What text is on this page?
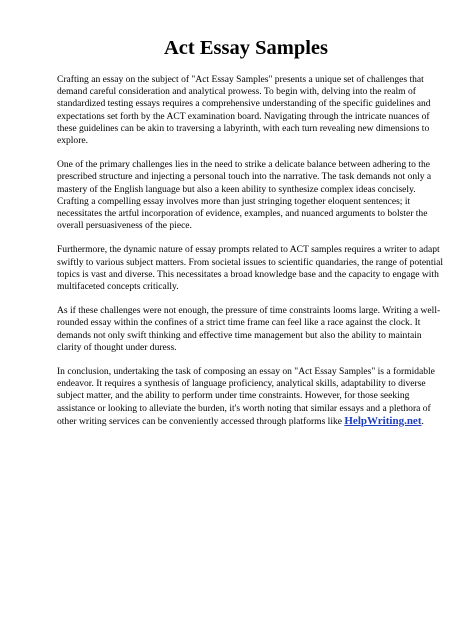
Act Essay Samples

Crafting an essay on the subject of "Act Essay Samples" presents a unique set of challenges that
demand careful consideration and analytical prowess. To begin with, delving into the realm of
standardized testing essays requires a comprehensive understanding of the specific guidelines and
expectations set forth by the ACT examination board. Navigating through the intricate nuances of
these guidelines can be akin to traversing a labyrinth, with each turn revealing new dimensions to
explore.

One of the primary challenges lies in the need to strike a delicate balance between adhering to the
prescribed structure and injecting a personal touch into the narrative. The task demands not only a
mastery of the English language but also a keen ability to synthesize complex ideas concisely.
Crafting a compelling essay involves more than just stringing together eloquent sentences; it
necessitates the artful incorporation of evidence, examples, and nuanced arguments to bolster the
overall persuasiveness of the piece.

Furthermore, the dynamic nature of essay prompts related to ACT samples requires a writer to adapt
swiftly to various subject matters. From societal issues to scientific quandaries, the range of potential
topics is vast and diverse. This necessitates a broad knowledge base and the capacity to engage with
multifaceted concepts critically.

As if these challenges were not enough, the pressure of time constraints looms large. Writing a well-
rounded essay within the confines of a strict time frame can feel like a race against the clock. It
demands not only swift thinking and effective time management but also the ability to maintain
clarity of thought under duress.

In conclusion, undertaking the task of composing an essay on "Act Essay Samples" is a formidable
endeavor. It requires a synthesis of language proficiency, analytical skills, adaptability to diverse
subject matter, and the ability to perform under time constraints. However, for those seeking
assistance or looking to alleviate the burden, it's worth noting that similar essays and a plethora of
other writing services can be conveniently accessed through platforms like HelpWriting.net.
